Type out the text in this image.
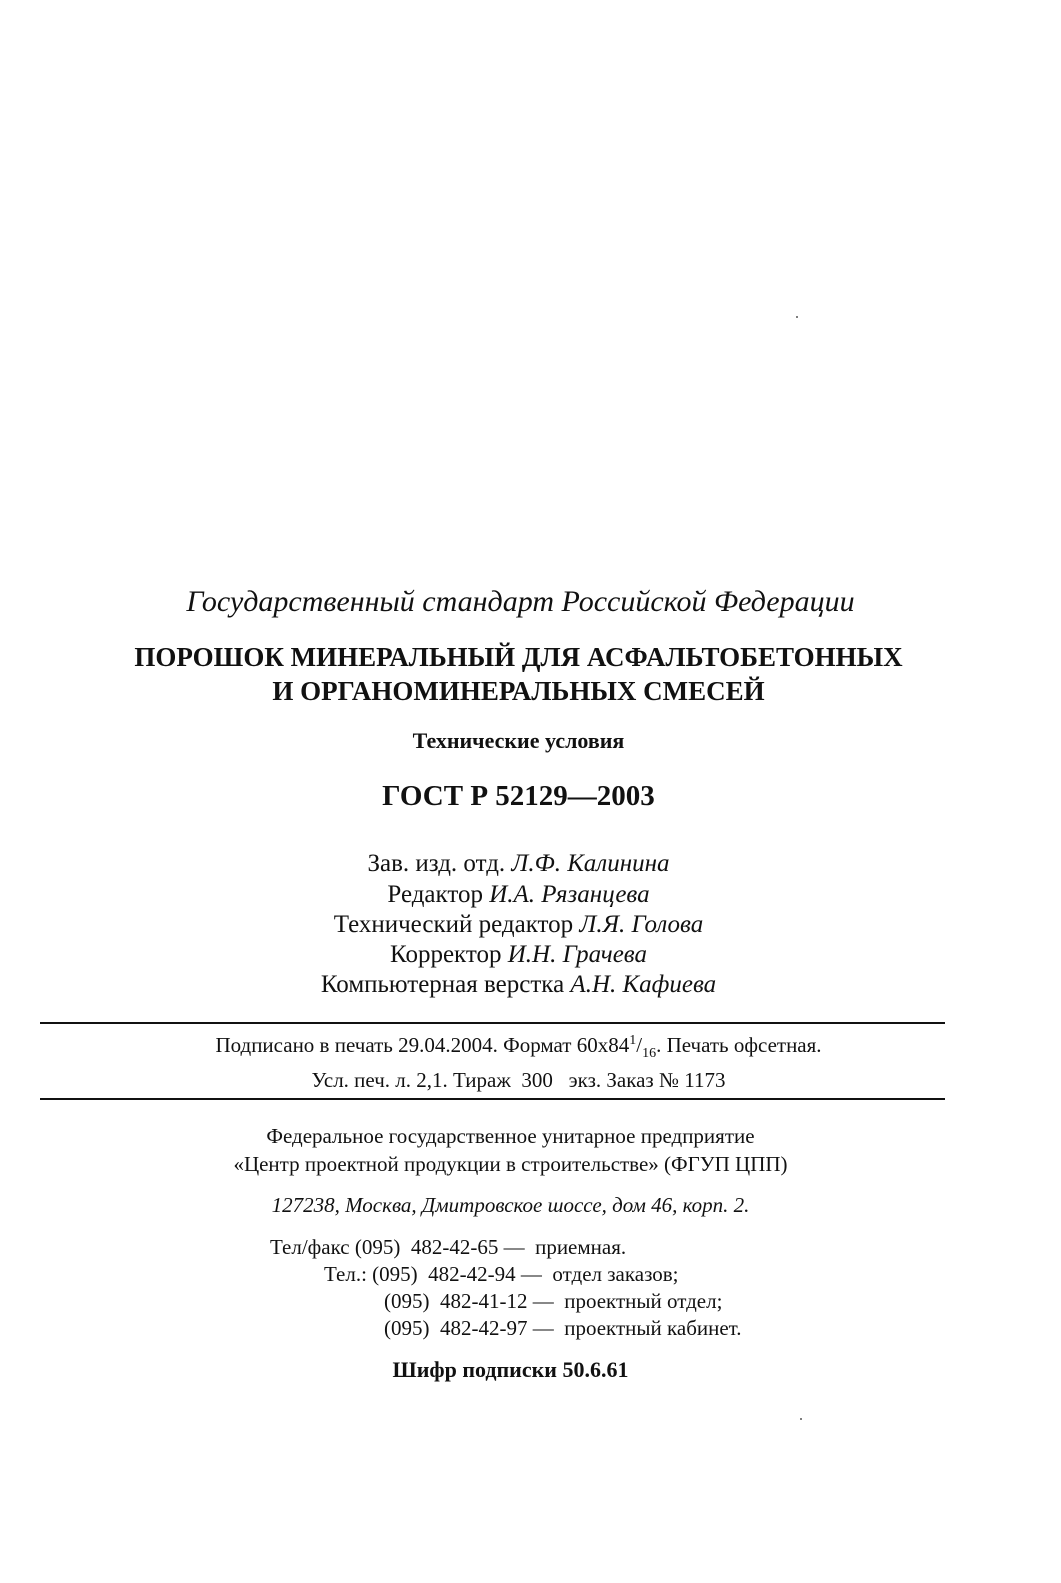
Государственный стандарт Российской Федерации
ПОРОШОК МИНЕРАЛЬНЫЙ ДЛЯ АСФАЛЬТОБЕТОННЫХ
И ОРГАНОМИНЕРАЛЬНЫХ СМЕСЕЙ
Технические условия
ГОСТ Р 52129—2003
Зав. изд. отд. Л.Ф. Калинина
Редактор И.А. Рязанцева
Технический редактор Л.Я. Голова
Корректор И.Н. Грачева
Компьютерная верстка А.Н. Кафиева
Подписано в печать 29.04.2004. Формат $60x84^1/_{16}$. Печать офсетная.
Усл. печ. л. 2,1. Тираж  300   экз. Заказ № 1173
Федеральное государственное унитарное предприятие
«Центр проектной продукции в строительстве» (ФГУП ЦПП)
127238, Москва, Дмитровское шоссе, дом 46, корп. 2.
Тел/факс (095)  482-42-65 —  приемная.
Тел.: (095)  482-42-94 —  отдел заказов;
(095)  482-41-12 —  проектный отдел;
(095)  482-42-97 —  проектный кабинет.
Шифр подписки 50.6.61
